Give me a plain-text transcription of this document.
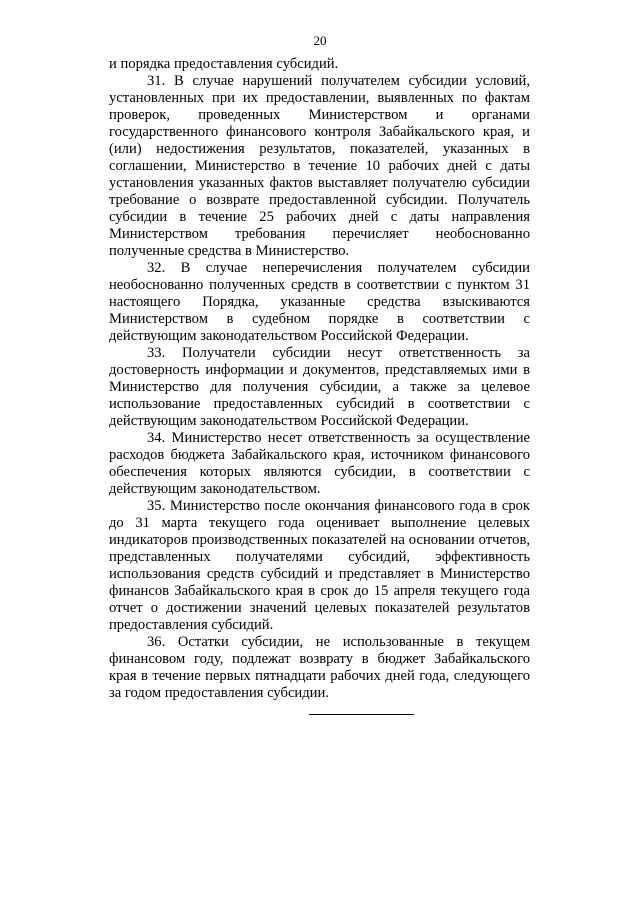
20

и порядка предоставления субсидий.

31. В случае нарушений получателем субсидии условий, установленных при их предоставлении, выявленных по фактам проверок, проведенных Министерством и органами государственного финансового контроля Забайкальского края, и (или) недостижения результатов, показателей, указанных в соглашении, Министерство в течение 10 рабочих дней с даты установления указанных фактов выставляет получателю субсидии требование о возврате предоставленной субсидии. Получатель субсидии в течение 25 рабочих дней с даты направления Министерством требования перечисляет необоснованно полученные средства в Министерство.

32. В случае неперечисления получателем субсидии необоснованно полученных средств в соответствии с пунктом 31 настоящего Порядка, указанные средства взыскиваются Министерством в судебном порядке в соответствии с действующим законодательством Российской Федерации.

33. Получатели субсидии несут ответственность за достоверность информации и документов, представляемых ими в Министерство для получения субсидии, а также за целевое использование предоставленных субсидий в соответствии с действующим законодательством Российской Федерации.

34. Министерство несет ответственность за осуществление расходов бюджета Забайкальского края, источником финансового обеспечения которых являются субсидии, в соответствии с действующим законодательством.

35. Министерство после окончания финансового года в срок до 31 марта текущего года оценивает выполнение целевых индикаторов производственных показателей на основании отчетов, представленных получателями субсидий, эффективность использования средств субсидий и представляет в Министерство финансов Забайкальского края в срок до 15 апреля текущего года отчет о достижении значений целевых показателей результатов предоставления субсидий.

36. Остатки субсидии, не использованные в текущем финансовом году, подлежат возврату в бюджет Забайкальского края в течение первых пятнадцати рабочих дней года, следующего за годом предоставления субсидии.
